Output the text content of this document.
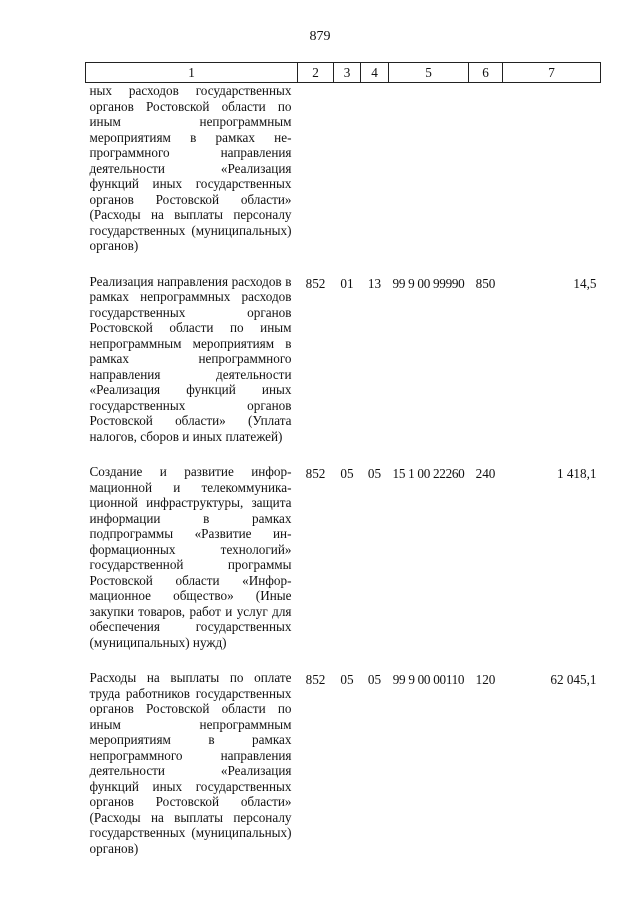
879
1	2	3	4	5	6	7
ных расходов государственных органов Ростовской области по иным непрограммным мероприятиям в рамках непрограммного направления деятельности «Реализация функций иных государственных органов Ростовской области» (Расходы на выплаты персоналу государственных (муниципальных) органов)						
Реализация направления расходов в рамках непрограммных расходов государственных органов Ростовской области по иным непрограммным мероприятиям в рамках непрограммного направления деятельности «Реализация функций иных государственных органов Ростовской области» (Уплата налогов, сборов и иных платежей)	852	01	13	99 9 00 99990	850	14,5
Создание и развитие информационной и телекоммуникационной инфраструктуры, защита информации в рамках подпрограммы «Развитие информационных технологий» государственной программы Ростовской области «Информационное общество» (Иные закупки товаров, работ и услуг для обеспечения государственных (муниципальных) нужд)	852	05	05	15 1 00 22260	240	1 418,1
Расходы на выплаты по оплате труда работников государственных органов Ростовской области по иным непрограммным мероприятиям в рамках непрограммного направления деятельности «Реализация функций иных государственных органов Ростовской области» (Расходы на выплаты персоналу государственных (муниципальных) органов)	852	05	05	99 9 00 00110	120	62 045,1
